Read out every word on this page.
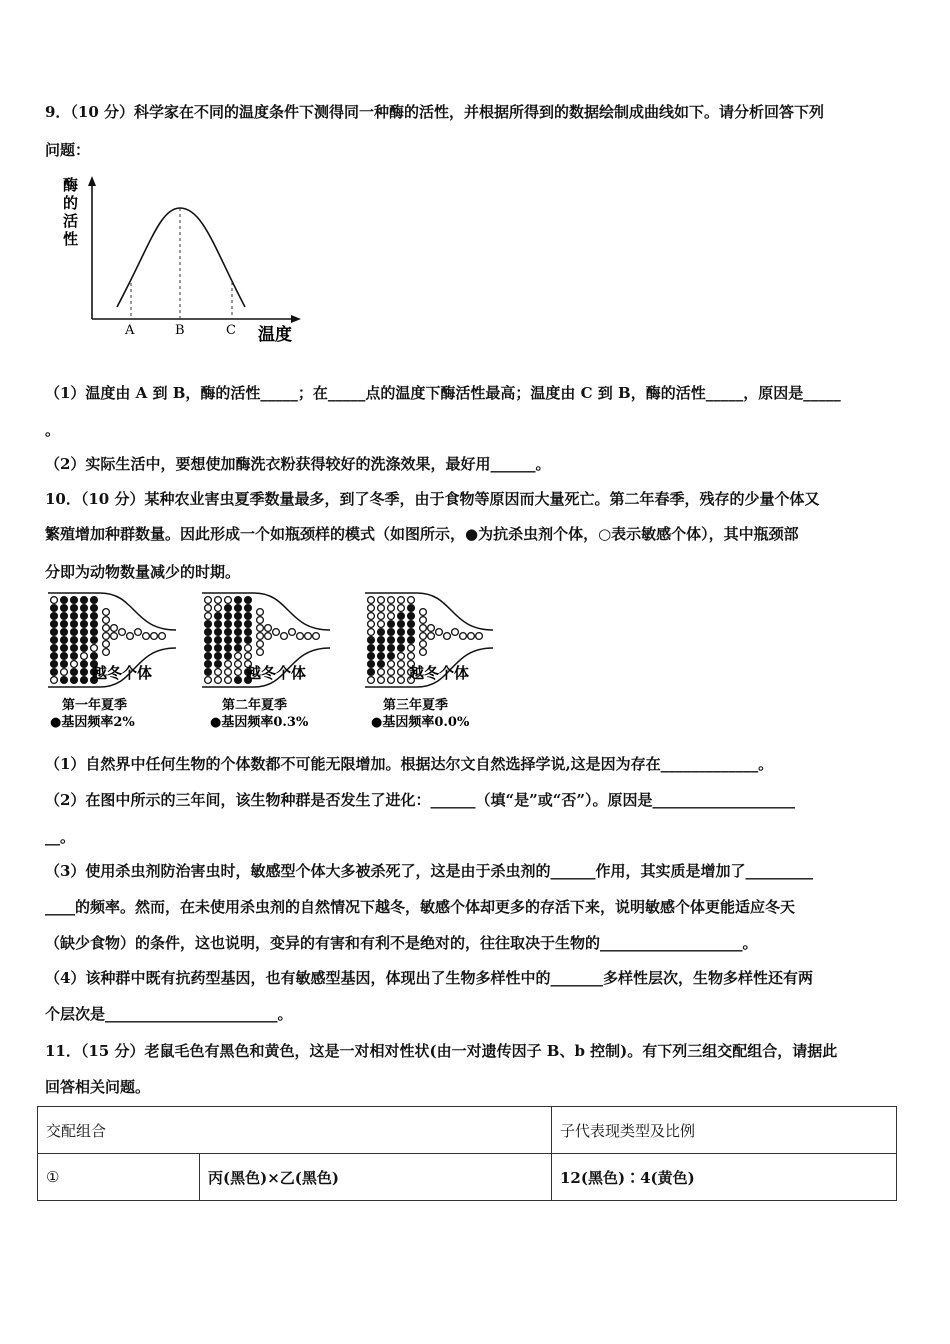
9．（10 分）科学家在不同的温度条件下测得同一种酶的活性，并根据所得到的数据绘制成曲线如下。请分析回答下列
问题：
酶
的
活
性
A	B	C 温度
（1）温度由 A 到 B，酶的活性_____；在_____点的温度下酶活性最高；温度由 C 到 B，酶的活性_____，原因是_____
。
（2）实际生活中，要想使加酶洗衣粉获得较好的洗涤效果，最好用______。
10．（10 分）某种农业害虫夏季数量最多，到了冬季，由于食物等原因而大量死亡。第二年春季，残存的少量个体又
繁殖增加种群数量。因此形成一个如瓶颈样的模式（如图所示，●为抗杀虫剂个体，○表示敏感个体），其中瓶颈部
分即为动物数量减少的时期。
越冬个体
第一年夏季
●基因频率2%
越冬个体
第二年夏季
●基因频率0.3%
越冬个体
第三年夏季
●基因频率0.0%
（1）自然界中任何生物的个体数都不可能无限增加。根据达尔文自然选择学说,这是因为存在_____________。
（2）在图中所示的三年间，该生物种群是否发生了进化：______（填“是”或“否”）。原因是___________________
__。
（3）使用杀虫剂防治害虫时，敏感型个体大多被杀死了，这是由于杀虫剂的______作用，其实质是增加了_________
____的频率。然而，在未使用杀虫剂的自然情况下越冬，敏感个体却更多的存活下来，说明敏感个体更能适应冬天
（缺少食物）的条件，这也说明，变异的有害和有利不是绝对的，往往取决于生物的___________________。
（4）该种群中既有抗药型基因，也有敏感型基因，体现出了生物多样性中的_______多样性层次，生物多样性还有两
个层次是_______________________。
11．（15 分）老鼠毛色有黑色和黄色，这是一对相对性状(由一对遗传因子 B、b 控制)。有下列三组交配组合，请据此
回答相关问题。
交配组合		子代表现类型及比例
①	丙(黑色)×乙(黑色)	12(黑色)∶4(黄色)
